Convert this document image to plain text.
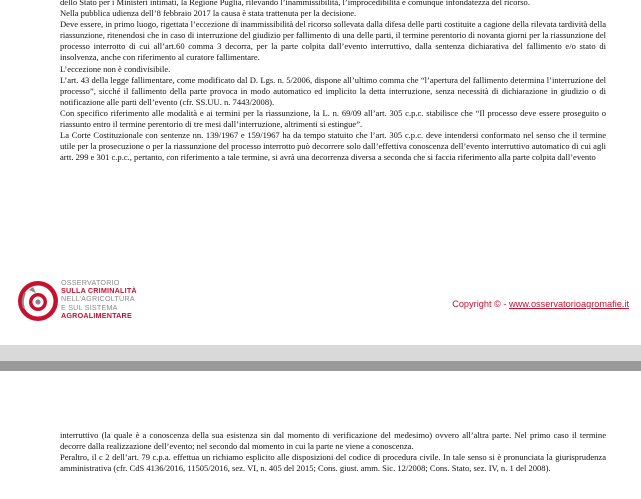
dello Stato per i Ministeri intimati, la Regione Puglia, rilevando l’inammissibilità, l’improcedibilità e comunque infondatezza del ricorso.

Nella pubblica udienza dell’8 febbraio 2017 la causa è stata trattenuta per la decisione.

Deve essere, in primo luogo, rigettata l’eccezione di inammissibilità del ricorso sollevata dalla difesa delle parti costituite a cagione della rilevata tardività della riassunzione, ritenendosi che in caso di interruzione del giudizio per fallimento di una delle parti, il termine perentorio di novanta giorni per la riassunzione del processo interrotto di cui all’art.60 comma 3 decorra, per la parte colpita dall’evento interruttivo, dalla sentenza dichiarativa del fallimento e/o stato di insolvenza, anche con riferimento al curatore fallimentare.

L’eccezione non è condivisibile.

L’art. 43 della legge fallimentare, come modificato dal D. Lgs. n. 5/2006, dispone all’ultimo comma che “l’apertura del fallimento determina l’interruzione del processo”, sicché il fallimento della parte provoca in modo automatico ed implicito la detta interruzione, senza necessità di dichiarazione in giudizio o di notificazione alle parti dell’evento (cfr. SS.UU. n. 7443/2008).

Con specifico riferimento alle modalità e ai termini per la riassunzione, la L. n. 69/09 all’art. 305 c.p.c. stabilisce che “Il processo deve essere proseguito o riassunto entro il termine perentorio di tre mesi dall’interruzione, altrimenti si estingue”.

La Corte Costituzionale con sentenze nn. 139/1967 e 159/1967 ha da tempo statuito che l’art. 305 c.p.c. deve intendersi conformato nel senso che il termine utile per la prosecuzione o per la riassunzione del processo interrotto può decorrere solo dall’effettiva conoscenza dell’evento interruttivo automatico di cui agli artt. 299 e 301 c.p.c., pertanto, con riferimento a tale termine, si avrà una decorrenza diversa a seconda che si faccia riferimento alla parte colpita dall’evento

OSSERVATORIO
SULLA CRIMINALITÀ
NELL’AGRICOLTURA
E SUL SISTEMA
AGROALIMENTARE
Copyright © - www.osservatorioagromafie.it

interruttivo (la quale è a conoscenza della sua esistenza sin dal momento di verificazione del medesimo) ovvero all’altra parte. Nel primo caso il termine decorre dalla realizzazione dell’evento; nel secondo dal momento in cui la parte ne viene a conoscenza.

Peraltro, il c 2 dell’art. 79 c.p.a. effettua un richiamo esplicito alle disposizioni del codice di procedura civile. In tale senso si è pronunciata la giurisprudenza amministrativa (cfr. CdS 4136/2016, 11505/2016, sez. VI, n. 405 del 2015; Cons. giust. amm. Sic. 12/2008; Cons. Stato, sez. IV, n. 1 del 2008).
